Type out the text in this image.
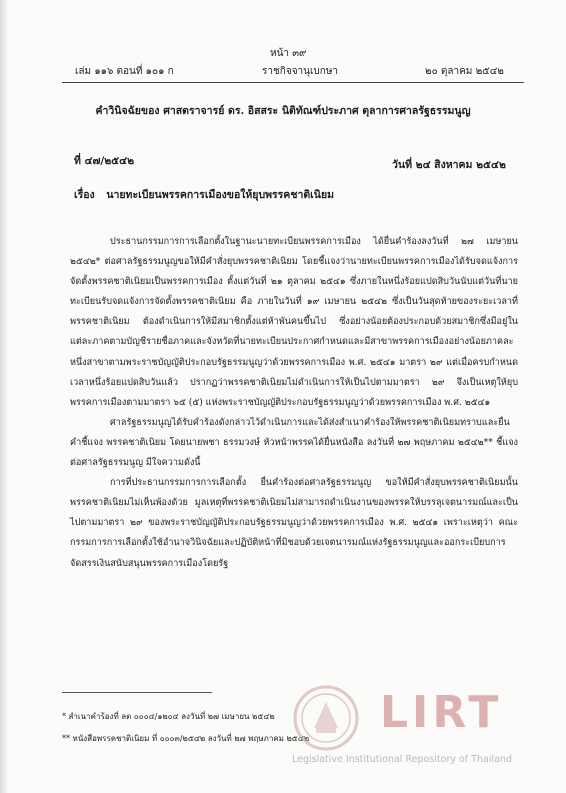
หน้า ๓๙
เล่ม ๑๑๖ ตอนที่ ๑๐๑ ก	ราชกิจจานุเบกษา	๒๐ ตุลาคม ๒๕๔๒
คำวินิจฉัยของ ศาสตราจารย์ ดร. อิสสระ นิติทัณฑ์ประภาศ ตุลาการศาลรัฐธรรมนูญ
ที่ ๔๗/๒๕๔๒	วันที่ ๒๔ สิงหาคม ๒๕๔๒
เรื่อง นายทะเบียนพรรคการเมืองขอให้ยุบพรรคชาติเนิยม

ประธานกรรมการการเลือกตั้งในฐานะนายทะเบียนพรรคการเมือง ได้ยื่นคำร้องลงวันที่ ๒๗ เมษายน ๒๕๔๒* ต่อศาลรัฐธรรมนูญขอให้มีคำสั่งยุบพรรคชาติเนิยม โดยชี้แจงว่านายทะเบียนพรรคการเมืองได้รับจดแจ้งการจัดตั้งพรรคชาติเนิยมเป็นพรรคการเมือง ตั้งแต่วันที่ ๒๑ ตุลาคม ๒๕๔๑ ซึ่งภายในหนึ่งร้อยแปดสิบวันนับแต่วันที่นายทะเบียนรับจดแจ้งการจัดตั้งพรรคชาติเนิยม คือ ภายในวันที่ ๑๙ เมษายน ๒๕๔๒ ซึ่งเป็นวันสุดท้ายของระยะเวลาที่พรรคชาติเนิยม ต้องดำเนินการให้มีสมาชิกตั้งแต่ห้าพันคนขึ้นไป ซึ่งอย่างน้อยต้องประกอบด้วยสมาชิกซึ่งมีอยู่ในแต่ละภาคตามบัญชีรายชื่อภาคและจังหวัดที่นายทะเบียนประกาศกำหนดและมีสาขาพรรคการเมืองอย่างน้อยภาคละหนึ่งสาขาตามพระราชบัญญัติประกอบรัฐธรรมนูญว่าด้วยพรรคการเมือง พ.ศ. ๒๕๔๑ มาตรา ๒๙ แต่เมื่อครบกำหนดเวลาหนึ่งร้อยแปดสิบวันแล้ว ปรากฏว่าพรรคชาติเนิยมไม่ดำเนินการให้เป็นไปตามมาตรา ๒๙ จึงเป็นเหตุให้ยุบพรรคการเมืองตามมาตรา ๖๕ (๕) แห่งพระราชบัญญัติประกอบรัฐธรรมนูญว่าด้วยพรรคการเมือง พ.ศ. ๒๕๔๑

ศาลรัฐธรรมนูญได้รับคำร้องดังกล่าวไว้ดำเนินการและได้ส่งสำเนาคำร้องให้พรรคชาติเนิยมทราบและยื่นคำชี้แจง พรรคชาติเนิยม โดยนายพชา ธรรมวงษ์ หัวหน้าพรรคได้ยื่นหนังสือ ลงวันที่ ๒๗ พฤษภาคม ๒๕๔๒** ชี้แจงต่อศาลรัฐธรรมนูญ มีใจความดังนี้

การที่ประธานกรรมการการเลือกตั้ง ยื่นคำร้องต่อศาลรัฐธรรมนูญ ขอให้มีคำสั่งยุบพรรคชาติเนิยมนั้น พรรคชาติเนิยมไม่เห็นพ้องด้วย มูลเหตุที่พรรคชาติเนิยมไม่สามารถดำเนินงานของพรรคให้บรรลุเจตนารมณ์และเป็นไปตามมาตรา ๒๙ ของพระราชบัญญัติประกอบรัฐธรรมนูญว่าด้วยพรรคการเมือง พ.ศ. ๒๕๔๑ เพราะเหตุว่า คณะกรรมการการเลือกตั้งใช้อำนาจวินิจฉัยและปฏิบัติหน้าที่มิชอบด้วยเจตนารมณ์แห่งรัฐธรรมนูญและออกระเบียบการจัดสรรเงินสนับสนุนพรรคการเมืองโดยรัฐ

* สำเนาคำร้องที่ ลต ๐๐๐๔/๑๒๐๔ ลงวันที่ ๒๗ เมษายน ๒๕๔๒
** หนังสือพรรคชาติเนิยม ที่ ๐๐๐๓/๒๕๔๒ ลงวันที่ ๒๗ พฤษภาคม ๒๕๔๒
LIRT
Legislative Institutional Repository of Thailand
